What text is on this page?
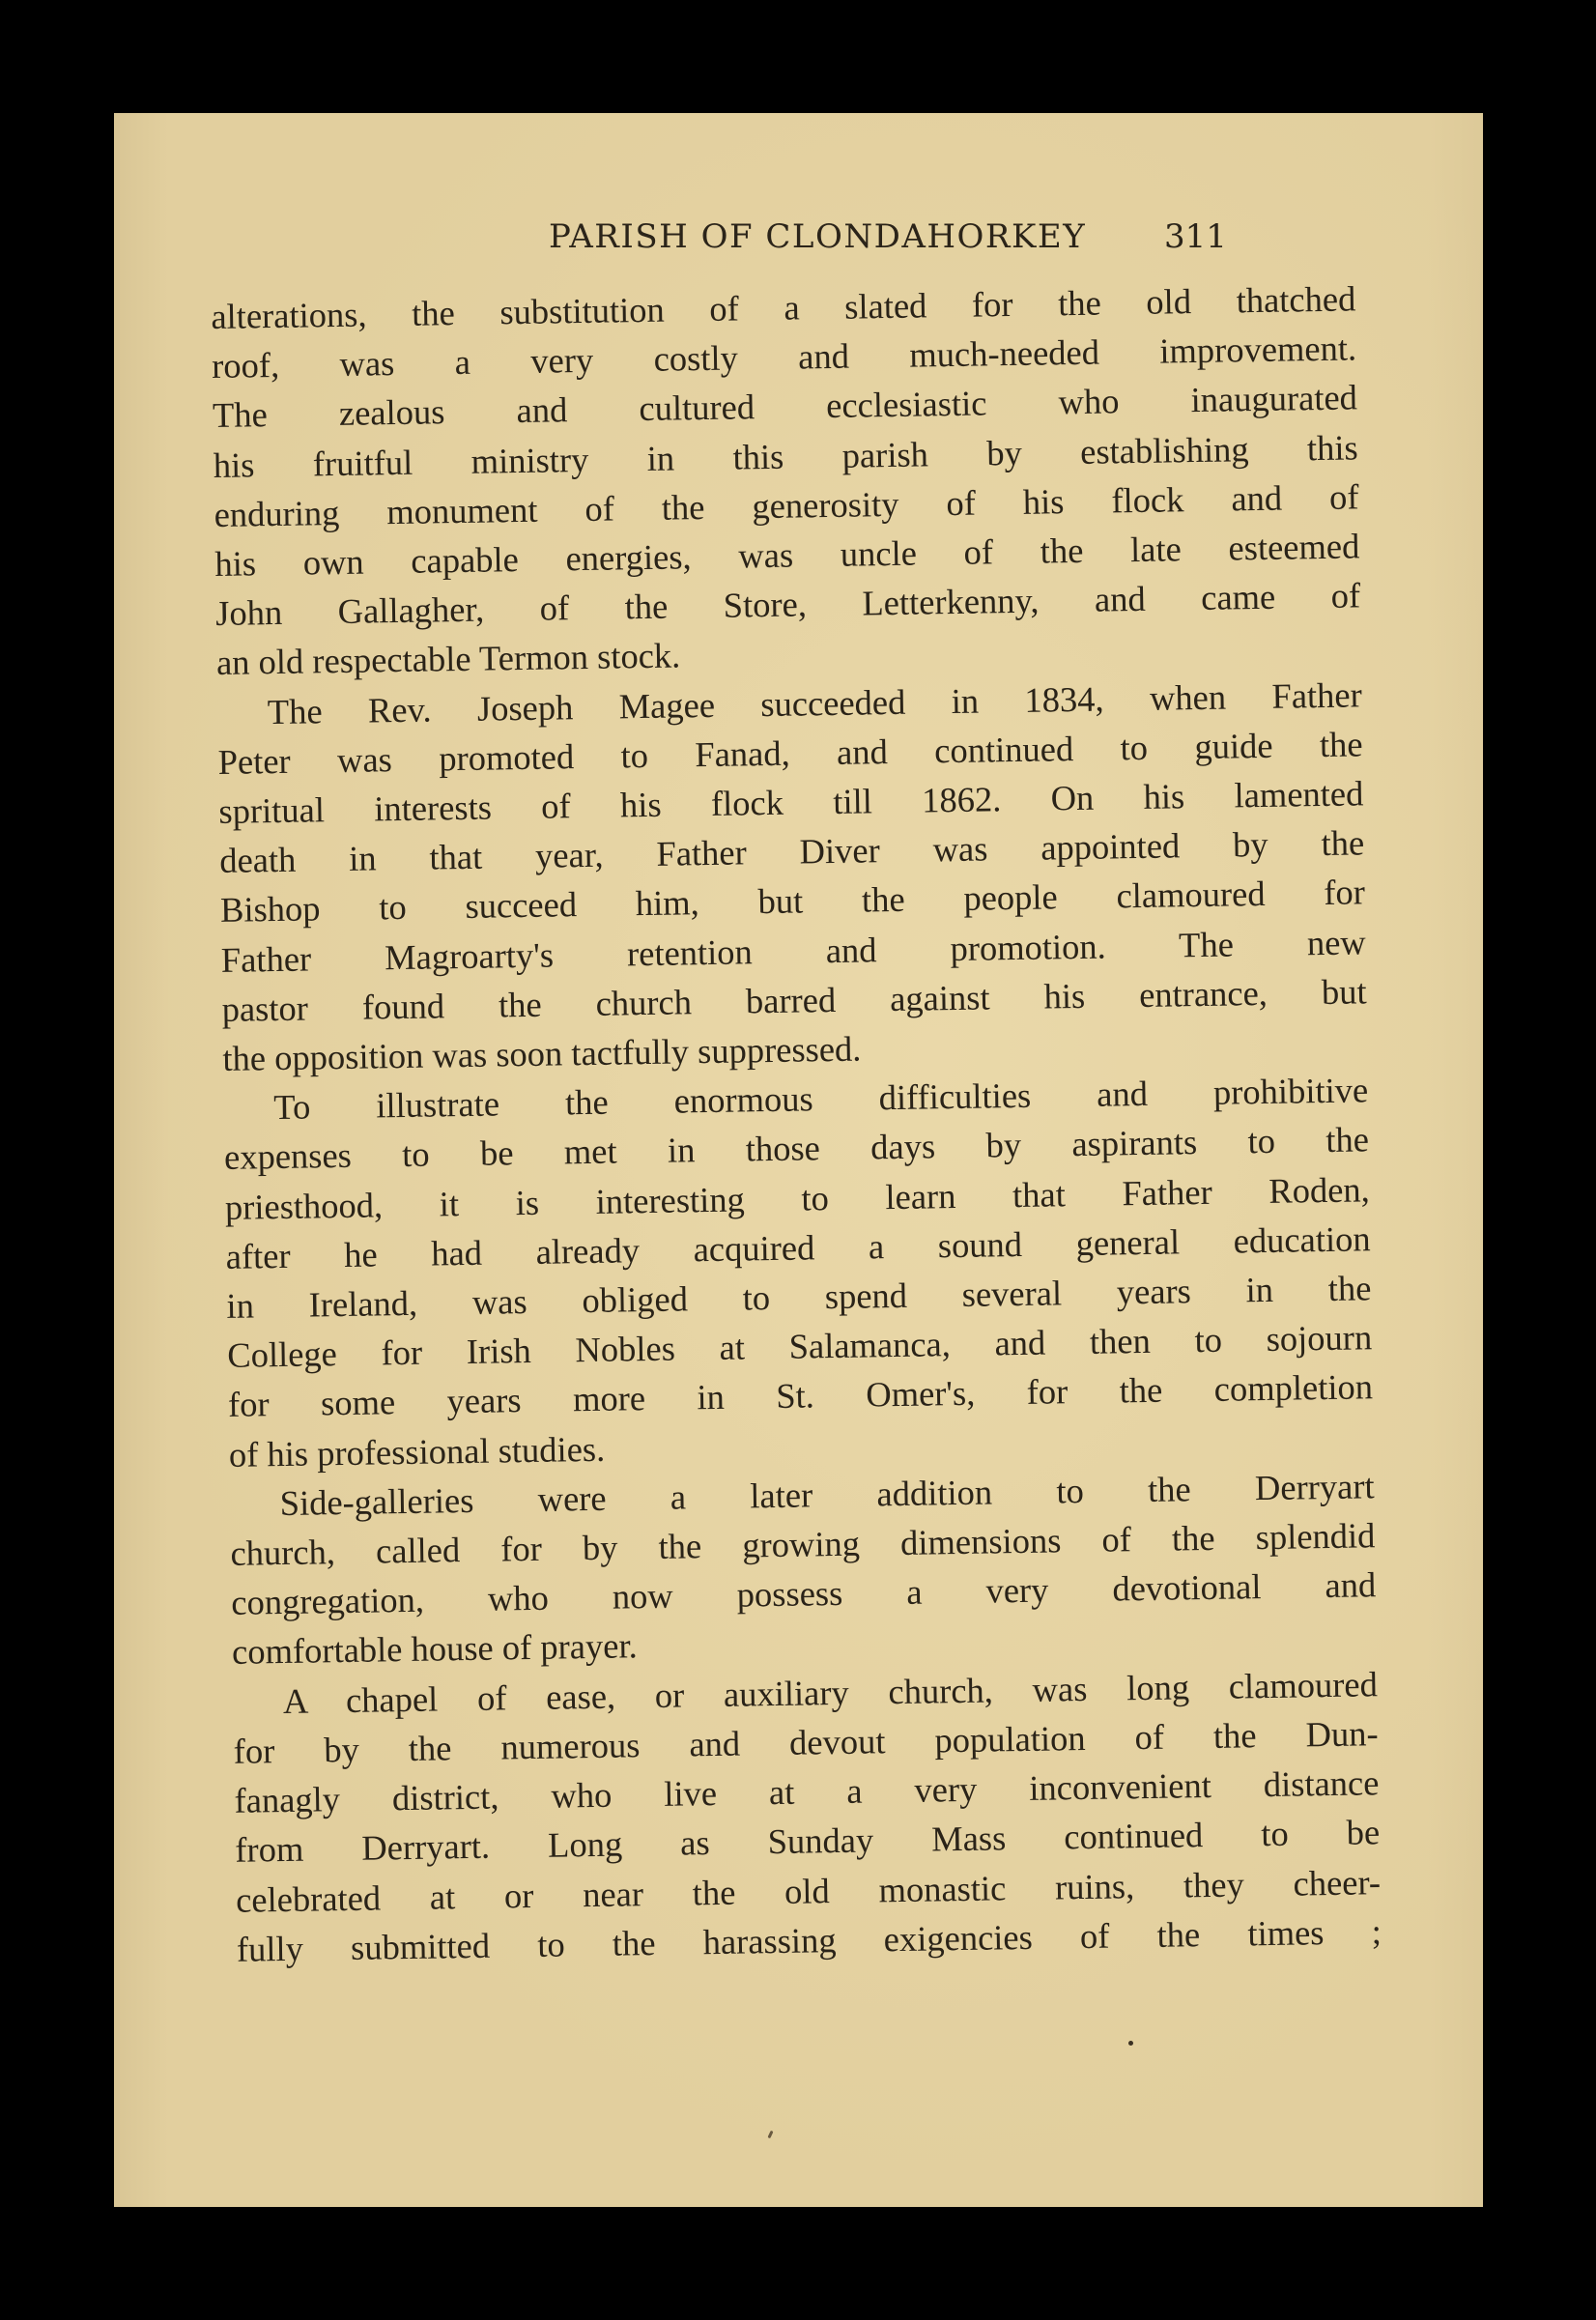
PARISH OF CLONDAHORKEY 311
alterations, the substitution of a slated for the old thatched
roof, was a very costly and much-needed improvement.
The zealous and cultured ecclesiastic who inaugurated
his fruitful ministry in this parish by establishing this
enduring monument of the generosity of his flock and of
his own capable energies, was uncle of the late esteemed
John Gallagher, of the Store, Letterkenny, and came of
an old respectable Termon stock.
The Rev. Joseph Magee succeeded in 1834, when Father
Peter was promoted to Fanad, and continued to guide the
spritual interests of his flock till 1862. On his lamented
death in that year, Father Diver was appointed by the
Bishop to succeed him, but the people clamoured for
Father Magroarty's retention and promotion. The new
pastor found the church barred against his entrance, but
the opposition was soon tactfully suppressed.
To illustrate the enormous difficulties and prohibitive
expenses to be met in those days by aspirants to the
priesthood, it is interesting to learn that Father Roden,
after he had already acquired a sound general education
in Ireland, was obliged to spend several years in the
College for Irish Nobles at Salamanca, and then to sojourn
for some years more in St. Omer's, for the completion
of his professional studies.
Side-galleries were a later addition to the Derryart
church, called for by the growing dimensions of the splendid
congregation, who now possess a very devotional and
comfortable house of prayer.
A chapel of ease, or auxiliary church, was long clamoured
for by the numerous and devout population of the Dun-
fanagly district, who live at a very inconvenient distance
from Derryart. Long as Sunday Mass continued to be
celebrated at or near the old monastic ruins, they cheer-
fully submitted to the harassing exigencies of the times ;
